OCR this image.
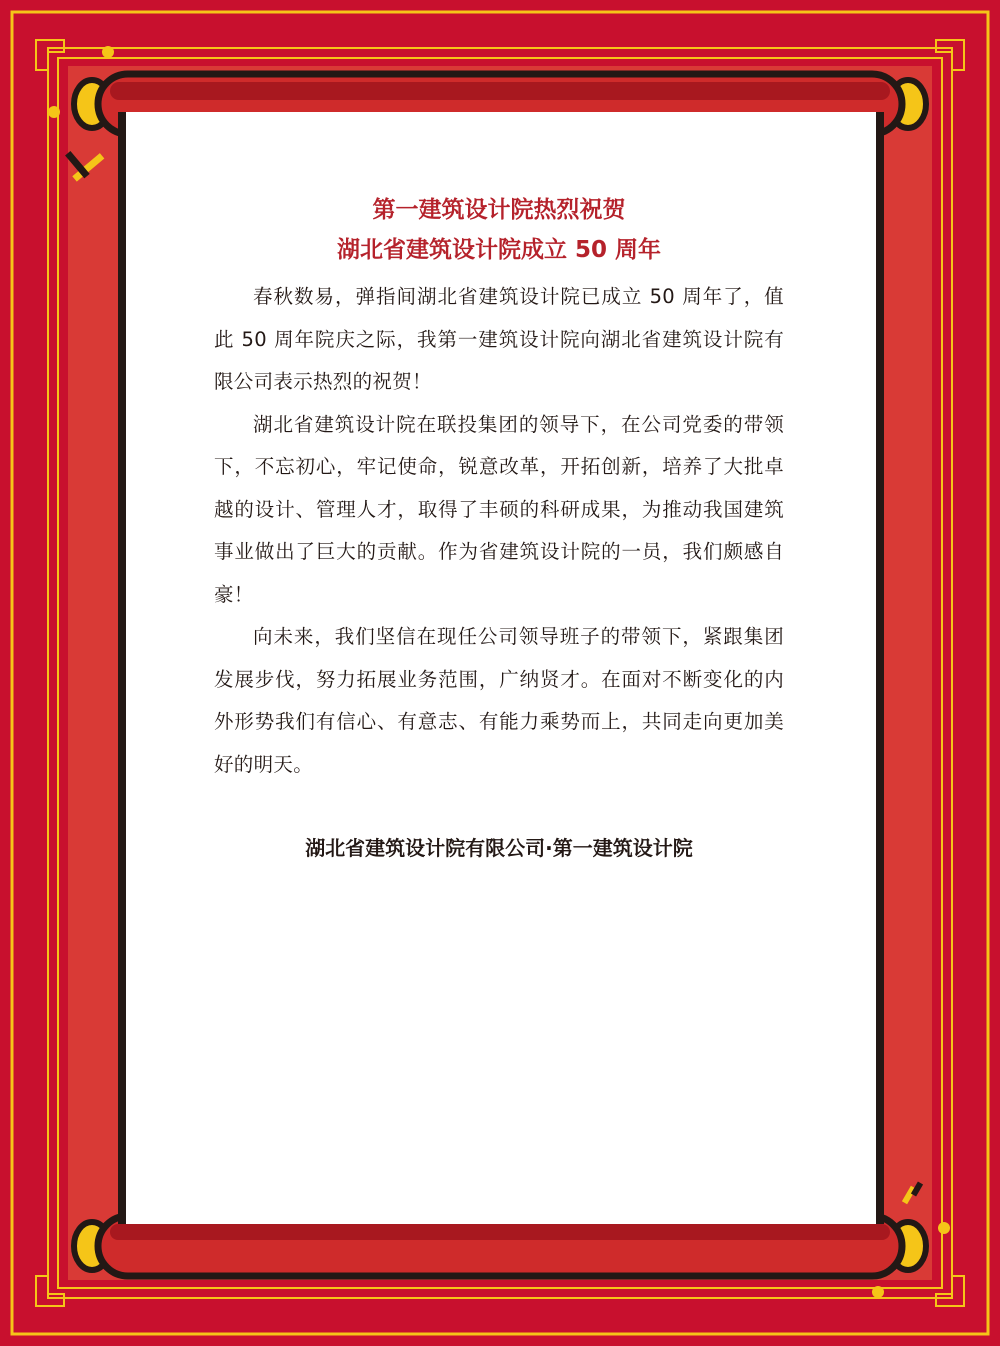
第一建筑设计院热烈祝贺

湖北省建筑设计院成立 50 周年

春秋数易，弹指间湖北省建筑设计院已成立 50 周年了，值此 50 周年院庆之际，我第一建筑设计院向湖北省建筑设计院有限公司表示热烈的祝贺！

湖北省建筑设计院在联投集团的领导下，在公司党委的带领下，不忘初心，牢记使命，锐意改革，开拓创新，培养了大批卓越的设计、管理人才，取得了丰硕的科研成果，为推动我国建筑事业做出了巨大的贡献。作为省建筑设计院的一员，我们颇感自豪！

向未来，我们坚信在现任公司领导班子的带领下，紧跟集团发展步伐，努力拓展业务范围，广纳贤才。在面对不断变化的内外形势我们有信心、有意志、有能力乘势而上，共同走向更加美好的明天。

湖北省建筑设计院有限公司·第一建筑设计院
